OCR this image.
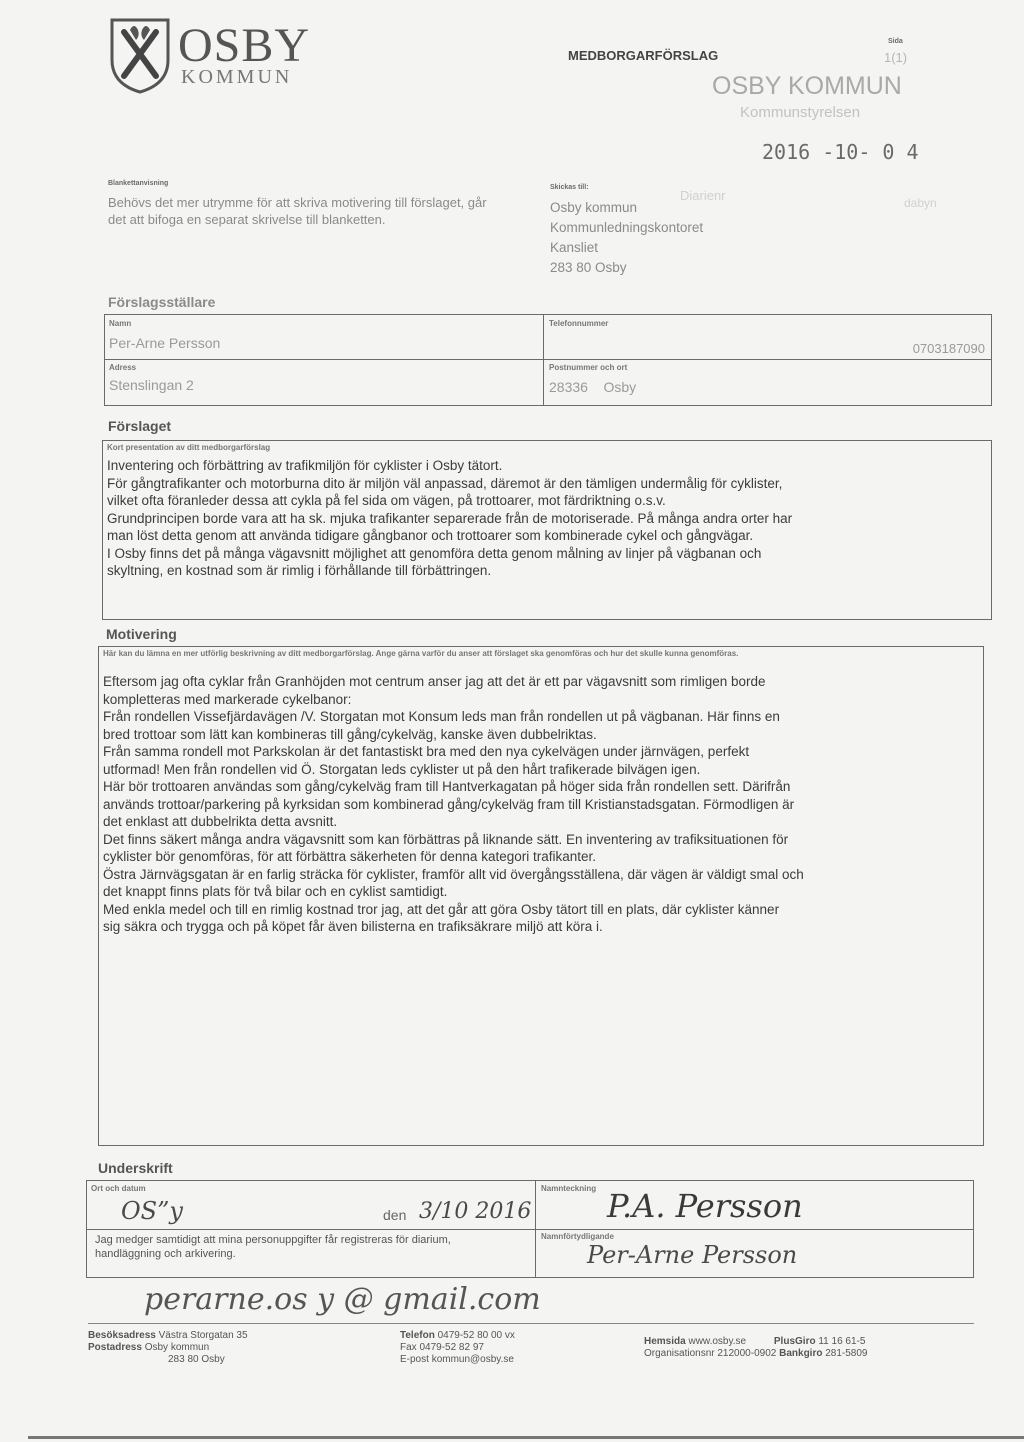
OSBY
KOMMUN
MEDBORGARFÖRSLAG
Sida
1(1)
OSBY KOMMUN
Kommunstyrelsen
2016 -10- 0 4
Diarienr	dabyn
Blankettanvisning
Behövs det mer utrymme för att skriva motivering till förslaget, går det att bifoga en separat skrivelse till blanketten.
Skickas till:
Osby kommun
Kommunledningskontoret
Kansliet
283 80 Osby
Förslagsställare
Namn
Per-Arne Persson
Telefonnummer
0703187090
Adress
Stenslingan 2
Postnummer och ort
28336    Osby
Förslaget
Kort presentation av ditt medborgarförslag

Inventering och förbättring av trafikmiljön för cyklister i Osby tätort.

För gångtrafikanter och motorburna dito är miljön väl anpassad, däremot är den tämligen undermålig för cyklister,

vilket ofta föranleder dessa att cykla på fel sida om vägen, på trottoarer, mot färdriktning o.s.v.

Grundprincipen borde vara att ha sk. mjuka trafikanter separerade från de motoriserade. På många andra orter har

man löst detta genom att använda tidigare gångbanor och trottoarer som kombinerade cykel och gångvägar.

I Osby finns det på många vägavsnitt möjlighet att genomföra detta genom målning av linjer på vägbanan och

skyltning, en kostnad som är rimlig i förhållande till förbättringen.

Motivering
Här kan du lämna en mer utförlig beskrivning av ditt medborgarförslag. Ange gärna varför du anser att förslaget ska genomföras och hur det skulle kunna genomföras.

Eftersom jag ofta cyklar från Granhöjden mot centrum anser jag att det är ett par vägavsnitt som rimligen borde

kompletteras med markerade cykelbanor:

Från rondellen Vissefjärdavägen /V. Storgatan mot Konsum leds man från rondellen ut på vägbanan. Här finns en

bred trottoar som lätt kan kombineras till gång/cykelväg, kanske även dubbelriktas.

Från samma rondell mot Parkskolan är det fantastiskt bra med den nya cykelvägen under järnvägen, perfekt

utformad! Men från rondellen vid Ö. Storgatan leds cyklister ut på den hårt trafikerade bilvägen igen.

Här bör trottoaren användas som gång/cykelväg fram till Hantverkagatan på höger sida från rondellen sett. Därifrån

används trottoar/parkering på kyrksidan som kombinerad gång/cykelväg fram till Kristianstadsgatan. Förmodligen är

det enklast att dubbelrikta detta avsnitt.

Det finns säkert många andra vägavsnitt som kan förbättras på liknande sätt. En inventering av trafiksituationen för

cyklister bör genomföras, för att förbättra säkerheten för denna kategori trafikanter.

Östra Järnvägsgatan är en farlig sträcka för cyklister, framför allt vid övergångsställena, där vägen är väldigt smal och

det knappt finns plats för två bilar och en cyklist samtidigt.

Med enkla medel och till en rimlig kostnad tror jag, att det går att göra Osby tätort till en plats, där cyklister känner

sig säkra och trygga och på köpet får även bilisterna en trafiksäkrare miljö att köra i.

Underskrift
Ort och datum
OS”y	den 3/10 2016
Namnteckning P.A. Persson
Jag medger samtidigt att mina personuppgifter får registreras för diarium, handläggning och arkivering.
Namnförtydligande
Per-Arne Persson
perarne.os y @ gmail.com
Besöksadress Västra Storgatan 35
Postadress Osby kommun
283 80 Osby
Telefon 0479-52 80 00 vx
Fax 0479-52 82 97
E-post kommun@osby.se
Hemsida www.osby.se	PlusGiro 11 16 61-5
Organisationsnr 212000-0902 Bankgiro 281-5809
